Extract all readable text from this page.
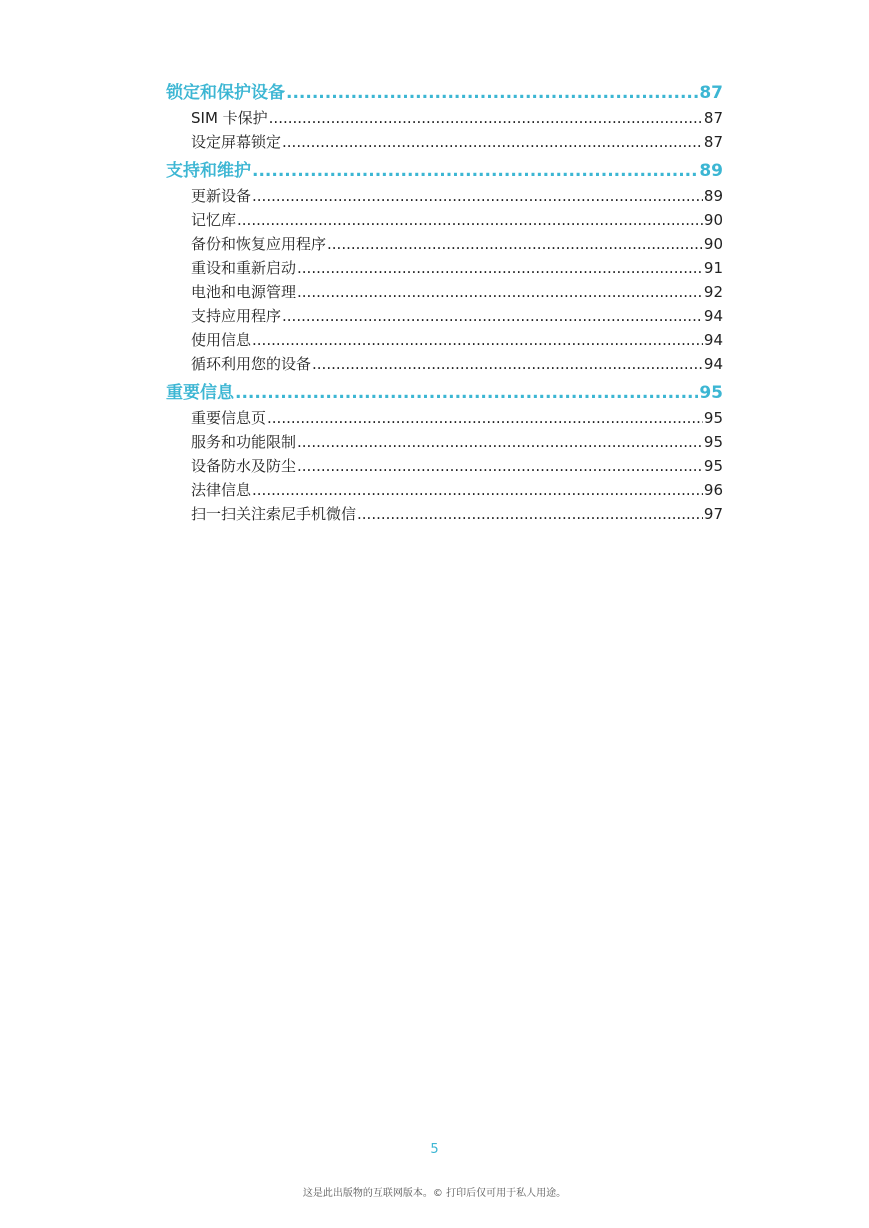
锁定和保护设备 .....	87
SIM 卡保护 .....	87
设定屏幕锁定 .....	87
支持和维护 .....	89
更新设备 .....	89
记忆库 .....	90
备份和恢复应用程序 .....	90
重设和重新启动 .....	91
电池和电源管理 .....	92
支持应用程序 .....	94
使用信息 .....	94
循环利用您的设备 .....	94
重要信息 .....	95
重要信息页 .....	95
服务和功能限制 .....	95
设备防水及防尘 .....	95
法律信息 .....	96
扫一扫关注索尼手机微信 .....	97
5
这是此出版物的互联网版本。© 打印后仅可用于私人用途。
